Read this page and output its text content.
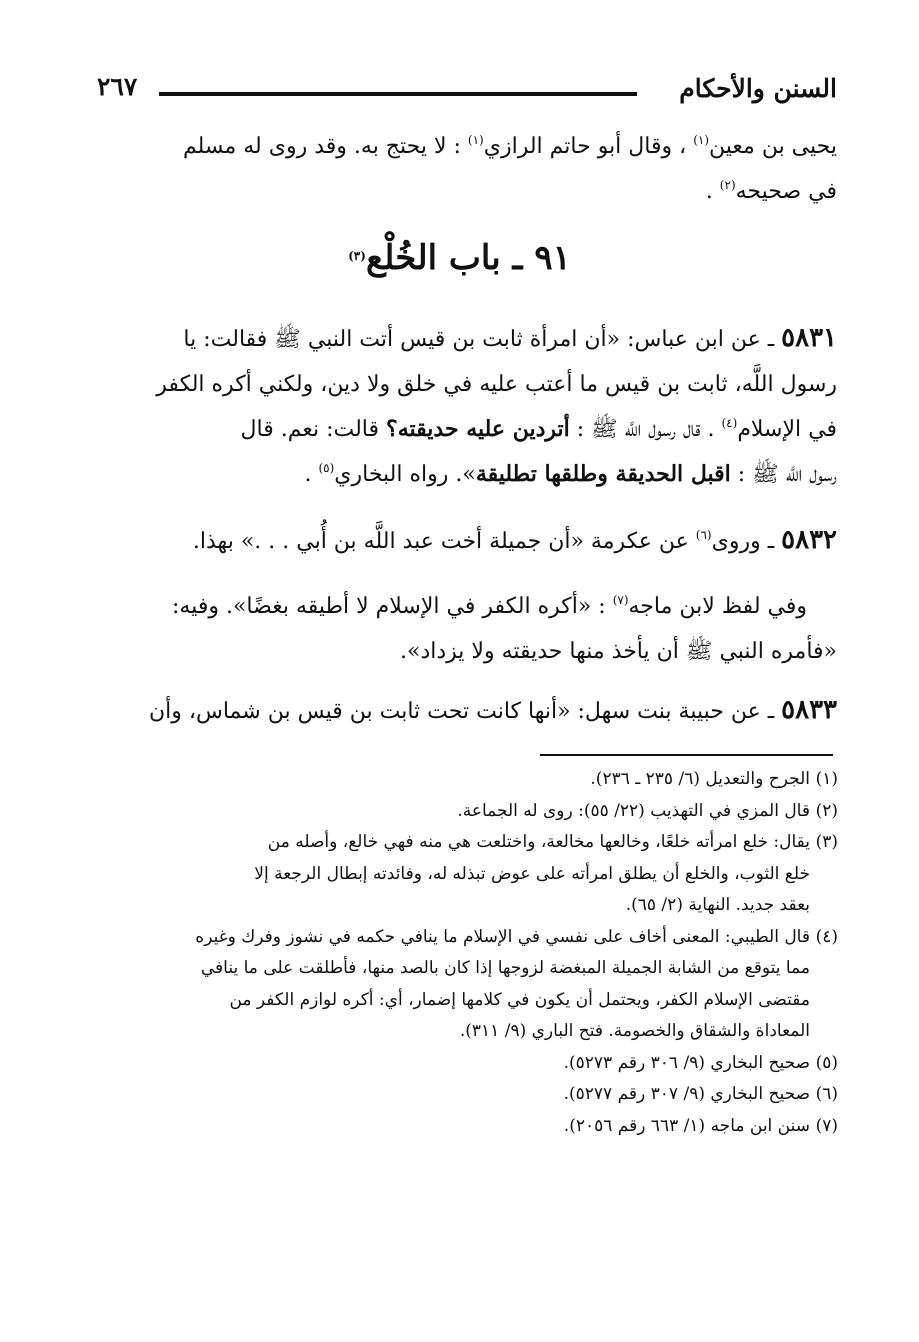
السنن والأحكام
٢٦٧
يحيى بن معين$^{(١)}$ ، وقال أبو حاتم الرازي$^{(١)}$ : لا يحتج به. وقد روى له مسلم
في صحيحه$^{(٢)}$ .
٩١ ـ باب الخُلْع$^{(٣)}$
٥٨٣١ ـ عن ابن عباس: «أن امرأة ثابت بن قيس أتت النبي ﷺ فقالت: يا
رسول اللَّه، ثابت بن قيس ما أعتب عليه في خلق ولا دين، ولكني أكره الكفر
في الإسلام$^{(٤)}$ . قال رسول اللَّه ﷺ : أتردين عليه حديقته؟ قالت: نعم. قال
رسول اللَّه ﷺ : اقبل الحديقة وطلقها تطليقة». رواه البخاري$^{(٥)}$ .
٥٨٣٢ ـ وروى$^{(٦)}$ عن عكرمة «أن جميلة أخت عبد اللَّه بن أُبي . . .» بهذا.
وفي لفظ لابن ماجه$^{(٧)}$ : «أكره الكفر في الإسلام لا أطيقه بغضًا». وفيه:
«فأمره النبي ﷺ أن يأخذ منها حديقته ولا يزداد».
٥٨٣٣ ـ عن حبيبة بنت سهل: «أنها كانت تحت ثابت بن قيس بن شماس، وأن
(١)
الجرح والتعديل (٦/ ٢٣٥ ـ ٢٣٦).
(٢)
قال المزي في التهذيب (٢٢/ ٥٥): روى له الجماعة.
(٣)
يقال: خلع امرأته خلعًا، وخالعها مخالعة، واختلعت هي منه فهي خالع، وأصله من
خلع الثوب، والخلع أن يطلق امرأته على عوض تبذله له، وفائدته إبطال الرجعة إلا
بعقد جديد. النهاية (٢/ ٦٥).
(٤)
قال الطيبي: المعنى أخاف على نفسي في الإسلام ما ينافي حكمه في نشوز وفرك وغيره
مما يتوقع من الشابة الجميلة المبغضة لزوجها إذا كان بالصد منها، فأطلقت على ما ينافي
مقتضى الإسلام الكفر، ويحتمل أن يكون في كلامها إضمار، أي: أكره لوازم الكفر من
المعاداة والشقاق والخصومة. فتح الباري (٩/ ٣١١).
(٥)
صحيح البخاري (٩/ ٣٠٦ رقم ٥٢٧٣).
(٦)
صحيح البخاري (٩/ ٣٠٧ رقم ٥٢٧٧).
(٧)
سنن ابن ماجه (١/ ٦٦٣ رقم ٢٠٥٦).
